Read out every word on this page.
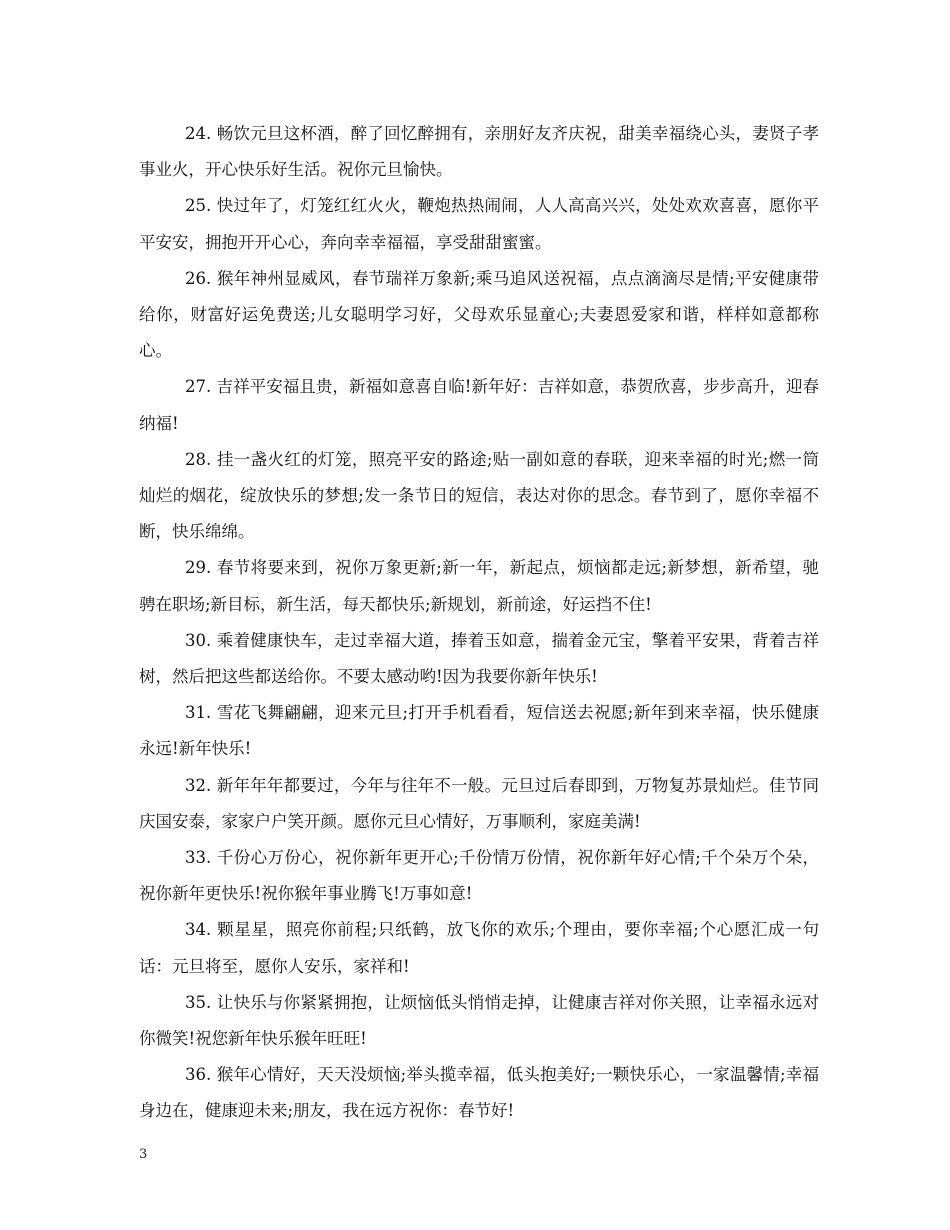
24. 畅饮元旦这杯酒，醉了回忆醉拥有，亲朋好友齐庆祝，甜美幸福绕心头，妻贤子孝事业火，开心快乐好生活。祝你元旦愉快。

25. 快过年了，灯笼红红火火，鞭炮热热闹闹，人人高高兴兴，处处欢欢喜喜，愿你平平安安，拥抱开开心心，奔向幸幸福福，享受甜甜蜜蜜。

26. 猴年神州显威风，春节瑞祥万象新;乘马追风送祝福，点点滴滴尽是情;平安健康带给你，财富好运免费送;儿女聪明学习好，父母欢乐显童心;夫妻恩爱家和谐，样样如意都称心。

27. 吉祥平安福且贵，新福如意喜自临!新年好：吉祥如意，恭贺欣喜，步步高升，迎春纳福!

28. 挂一盏火红的灯笼，照亮平安的路途;贴一副如意的春联，迎来幸福的时光;燃一筒灿烂的烟花，绽放快乐的梦想;发一条节日的短信，表达对你的思念。春节到了，愿你幸福不断，快乐绵绵。

29. 春节将要来到，祝你万象更新;新一年，新起点，烦恼都走远;新梦想，新希望，驰骋在职场;新目标，新生活，每天都快乐;新规划，新前途，好运挡不住!

30. 乘着健康快车，走过幸福大道，捧着玉如意，揣着金元宝，擎着平安果，背着吉祥树，然后把这些都送给你。不要太感动哟!因为我要你新年快乐!

31. 雪花飞舞翩翩，迎来元旦;打开手机看看，短信送去祝愿;新年到来幸福，快乐健康永远!新年快乐!

32. 新年年年都要过，今年与往年不一般。元旦过后春即到，万物复苏景灿烂。佳节同庆国安泰，家家户户笑开颜。愿你元旦心情好，万事顺利，家庭美满!

33. 千份心万份心，祝你新年更开心;千份情万份情，祝你新年好心情;千个朵万个朵，祝你新年更快乐!祝你猴年事业腾飞!万事如意!

34. 颗星星，照亮你前程;只纸鹤，放飞你的欢乐;个理由，要你幸福;个心愿汇成一句话：元旦将至，愿你人安乐，家祥和!

35. 让快乐与你紧紧拥抱，让烦恼低头悄悄走掉，让健康吉祥对你关照，让幸福永远对你微笑!祝您新年快乐猴年旺旺!

36. 猴年心情好，天天没烦恼;举头揽幸福，低头抱美好;一颗快乐心，一家温馨情;幸福身边在，健康迎未来;朋友，我在远方祝你：春节好!

3
